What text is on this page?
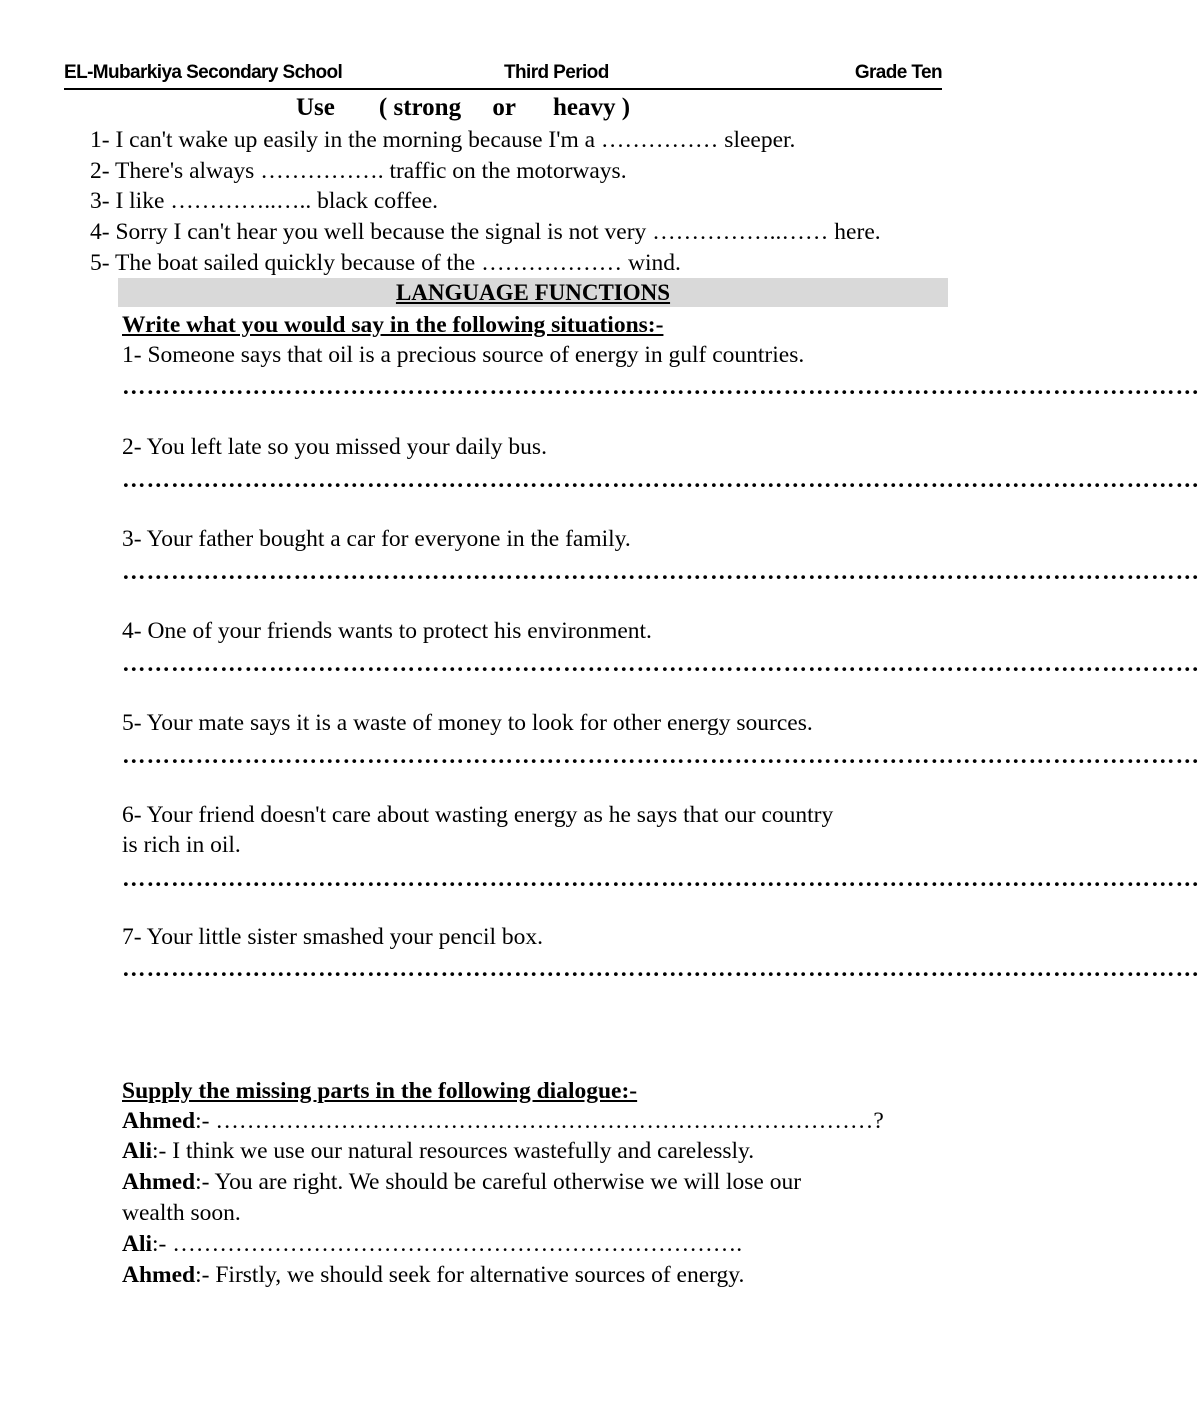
EL-Mubarkiya Secondary School	Third Period	Grade Ten
Use ( strong     or      heavy )
1- I can't wake up easily in the morning because I'm a …………… sleeper.
2- There's always ……………. traffic on the motorways.
3- I like …………..….. black coffee.
4- Sorry I can't hear you well because the signal is not very ……………..…… here.
5- The boat sailed quickly because of the ……………… wind.
LANGUAGE FUNCTIONS
Write what you would say in the following situations:-
1- Someone says that oil is a precious source of energy in gulf countries.
……………………………………………………………………………………………………………………
2- You left late so you missed your daily bus.
……………………………………………………………………………………………………………………
3- Your father bought a car for everyone in the family.
……………………………………………………………………………………………………………………
4- One of your friends wants to protect his environment.
……………………………………………………………………………………………………………………
5- Your mate says it is a waste of money to look for other energy sources.
……………………………………………………………………………………………………………………
6- Your friend doesn't care about wasting energy as he says that our country
is rich in oil.
……………………………………………………………………………………………………………………
7- Your little sister smashed your pencil box.
……………………………………………………………………………………………………………………
Supply the missing parts in the following dialogue:-
Ahmed:- …………………………………………………………………………?
Ali:- I think we use our natural resources wastefully and carelessly.
Ahmed:- You are right. We should be careful otherwise we will lose our
wealth soon.
Ali:- ……………………………………………………………….
Ahmed:- Firstly, we should seek for alternative sources of energy.
